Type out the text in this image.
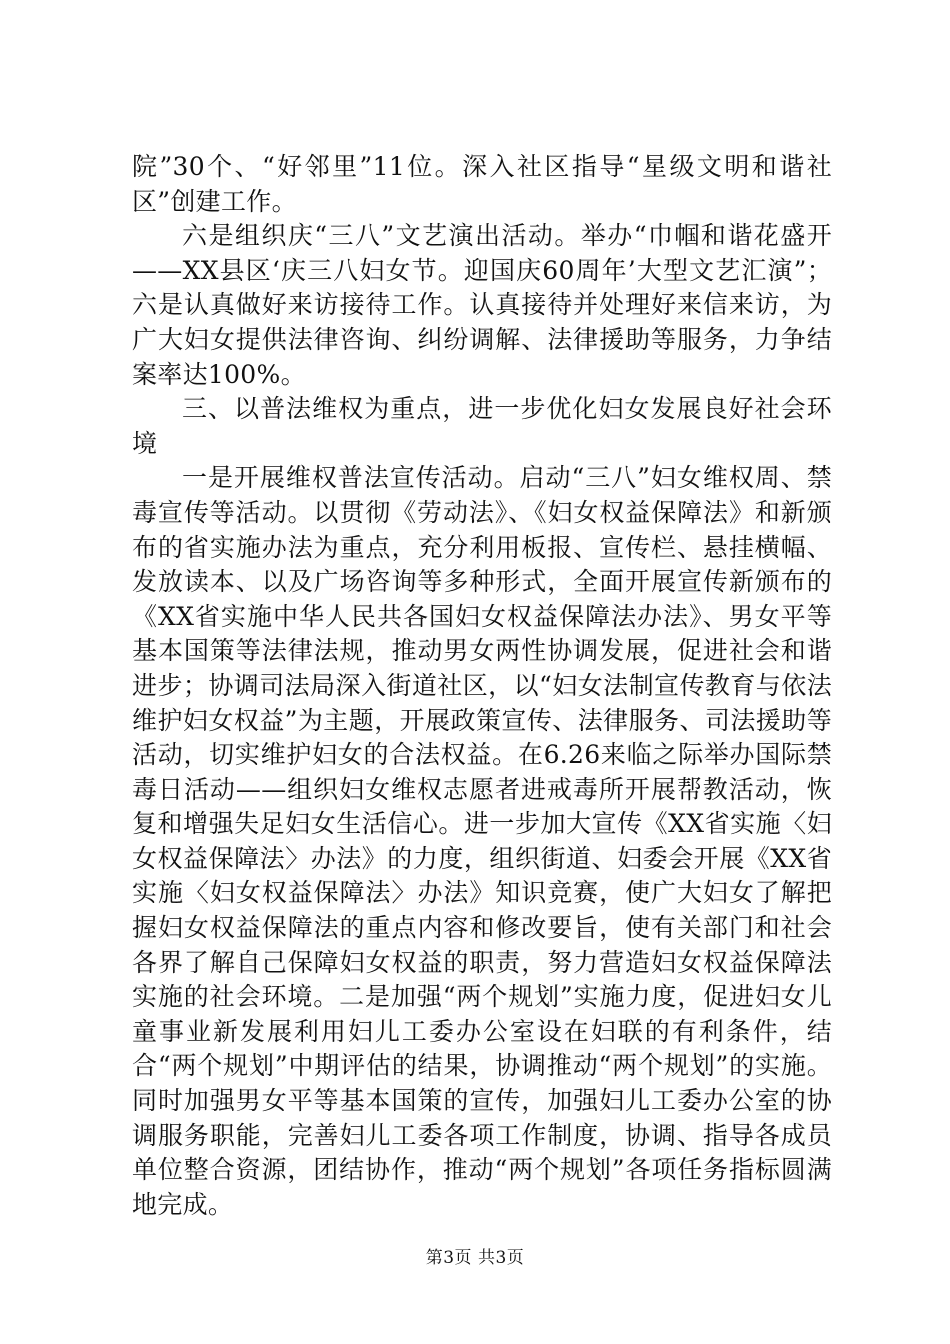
院”30个、“好邻里”11位。深入社区指导“星级文明和谐社区”创建工作。

六是组织庆“三八”文艺演出活动。举办“巾帼和谐花盛开——XX县区‘庆三八妇女节。迎国庆60周年’大型文艺汇演”；六是认真做好来访接待工作。认真接待并处理好来信来访，为广大妇女提供法律咨询、纠纷调解、法律援助等服务，力争结案率达100%。

三、以普法维权为重点，进一步优化妇女发展良好社会环境

一是开展维权普法宣传活动。启动“三八”妇女维权周、禁毒宣传等活动。以贯彻《劳动法》、《妇女权益保障法》和新颁布的省实施办法为重点，充分利用板报、宣传栏、悬挂横幅、发放读本、以及广场咨询等多种形式，全面开展宣传新颁布的《XX省实施中华人民共各国妇女权益保障法办法》、男女平等基本国策等法律法规，推动男女两性协调发展，促进社会和谐进步；协调司法局深入街道社区，以“妇女法制宣传教育与依法维护妇女权益”为主题，开展政策宣传、法律服务、司法援助等活动，切实维护妇女的合法权益。在6.26来临之际举办国际禁毒日活动——组织妇女维权志愿者进戒毒所开展帮教活动，恢复和增强失足妇女生活信心。进一步加大宣传《XX省实施〈妇女权益保障法〉办法》的力度，组织街道、妇委会开展《XX省实施〈妇女权益保障法〉办法》知识竞赛，使广大妇女了解把握妇女权益保障法的重点内容和修改要旨，使有关部门和社会各界了解自己保障妇女权益的职责，努力营造妇女权益保障法实施的社会环境。二是加强“两个规划”实施力度，促进妇女儿童事业新发展利用妇儿工委办公室设在妇联的有利条件，结合“两个规划”中期评估的结果，协调推动“两个规划”的实施。同时加强男女平等基本国策的宣传，加强妇儿工委办公室的协调服务职能，完善妇儿工委各项工作制度，协调、指导各成员单位整合资源，团结协作，推动“两个规划”各项任务指标圆满地完成。

第3页 共3页
